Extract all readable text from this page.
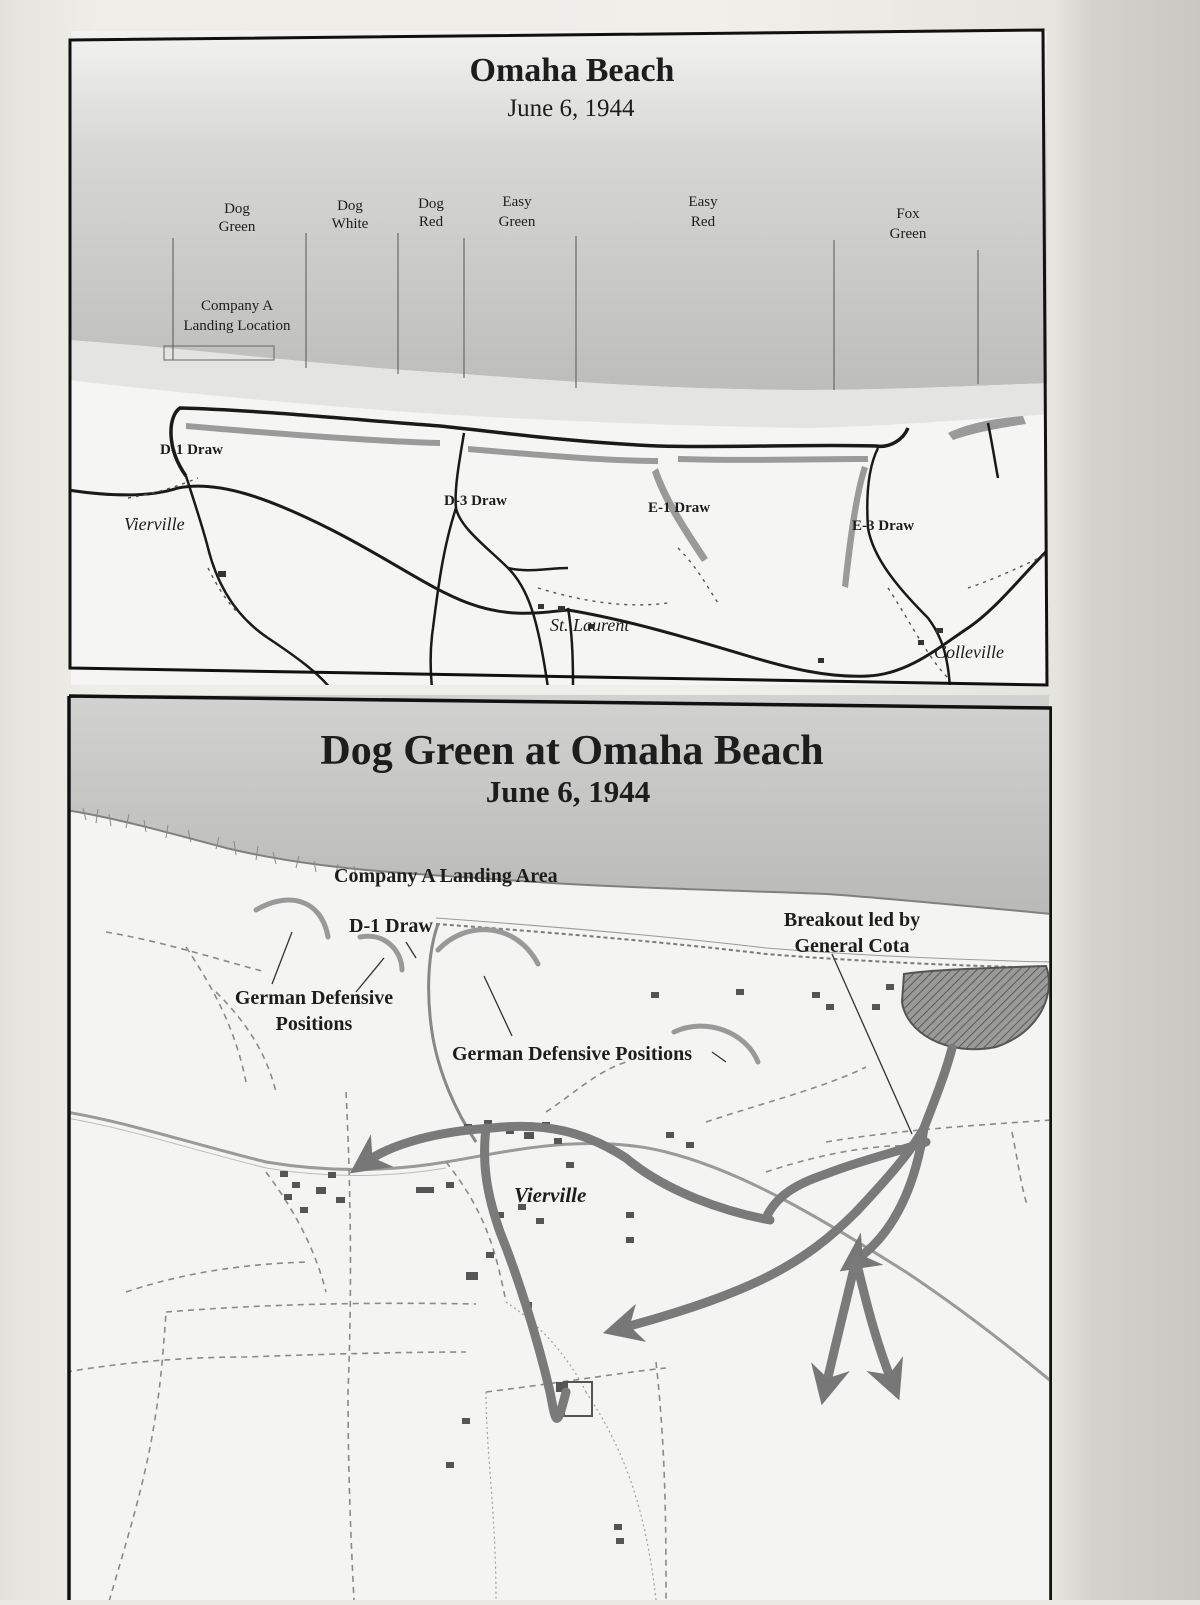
Omaha Beach
June 6, 1944
Dog
Green
Dog
White
Dog
Red
Easy
Green
Easy
Red	Fox
Green
Company A
Landing Location
D-1 Draw
D-3 Draw	E-1 Draw
E-3 Draw
Vierville
St. Laurent
Colleville
Dog Green at Omaha Beach
June 6, 1944
Company A Landing Area
D-1 Draw	Breakout led by
General Cota
German Defensive
Positions
German Defensive Positions
Vierville
